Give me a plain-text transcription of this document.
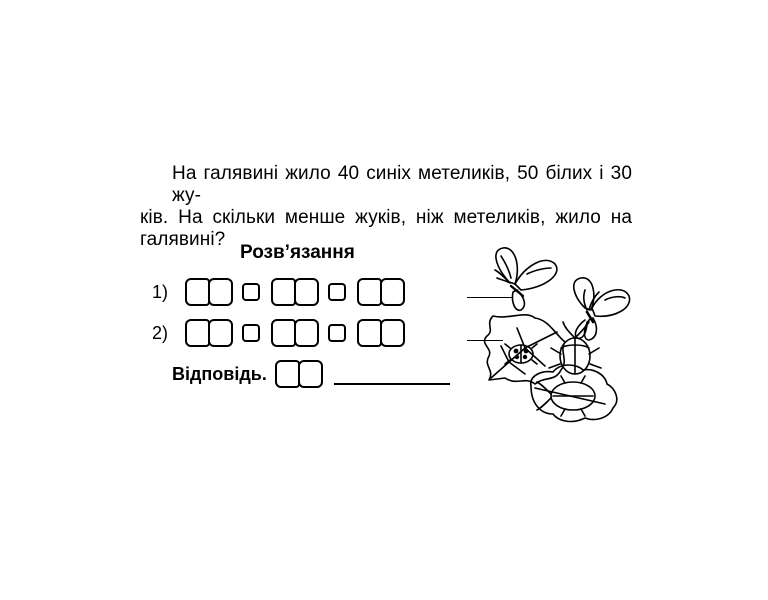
На галявині жило 40 синіх метеликів, 50 білих і 30 жу-
ків. На скільки менше жуків, ніж метеликів, жило на
галявині?
Розв’язання
1)
2)
Відповідь.
